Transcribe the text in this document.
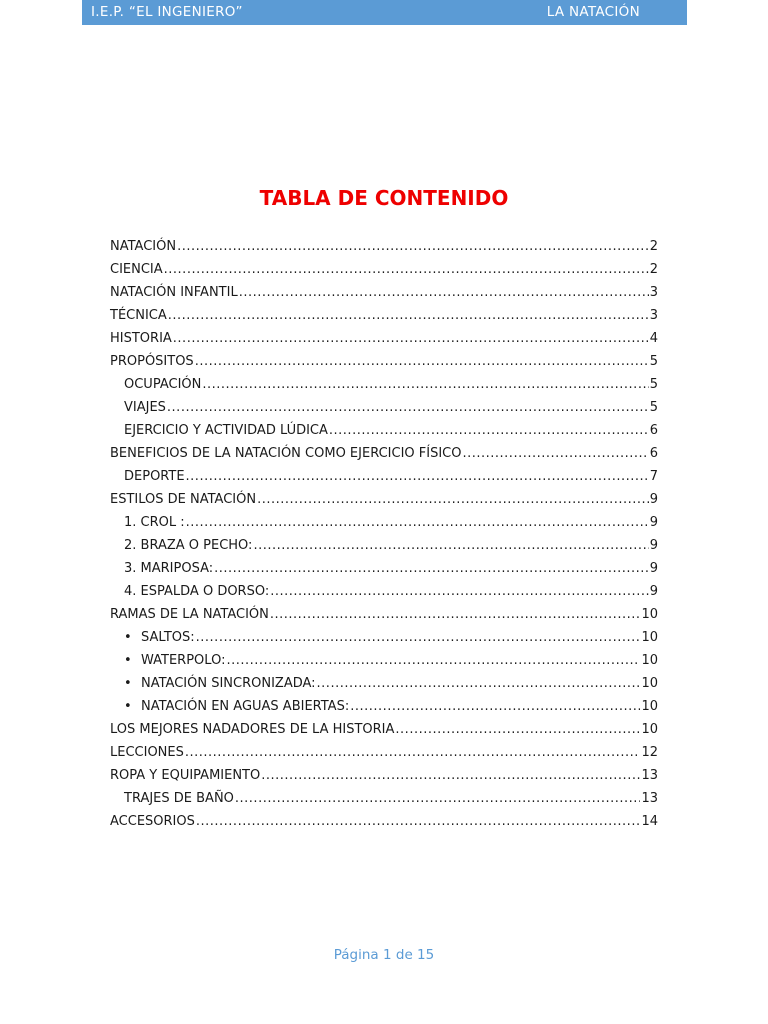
I.E.P. “EL INGENIERO”	LA NATACIÓN
TABLA DE CONTENIDO
NATACIÓN .....	2
CIENCIA .....	2
NATACIÓN INFANTIL .....	3
TÉCNICA .....	3
HISTORIA .....	4
PROPÓSITOS .....	5
OCUPACIÓN .....	5
VIAJES .....	5
EJERCICIO Y ACTIVIDAD LÚDICA .....	6
BENEFICIOS DE LA NATACIÓN COMO EJERCICIO FÍSICO .....	6
DEPORTE .....	7
ESTILOS DE NATACIÓN .....	9
1. CROL : .....	9
2. BRAZA O PECHO: .....	9
3. MARIPOSA: .....	9
4. ESPALDA O DORSO: .....	9
RAMAS DE LA NATACIÓN .....	10
• SALTOS: .....	10
• WATERPOLO: .....	10
• NATACIÓN SINCRONIZADA: .....	10
• NATACIÓN EN AGUAS ABIERTAS: .....	10
LOS MEJORES NADADORES DE LA HISTORIA .....	10
LECCIONES .....	12
ROPA Y EQUIPAMIENTO .....	13
TRAJES DE BAÑO .....	13
ACCESORIOS .....	14
Página 1 de 15
